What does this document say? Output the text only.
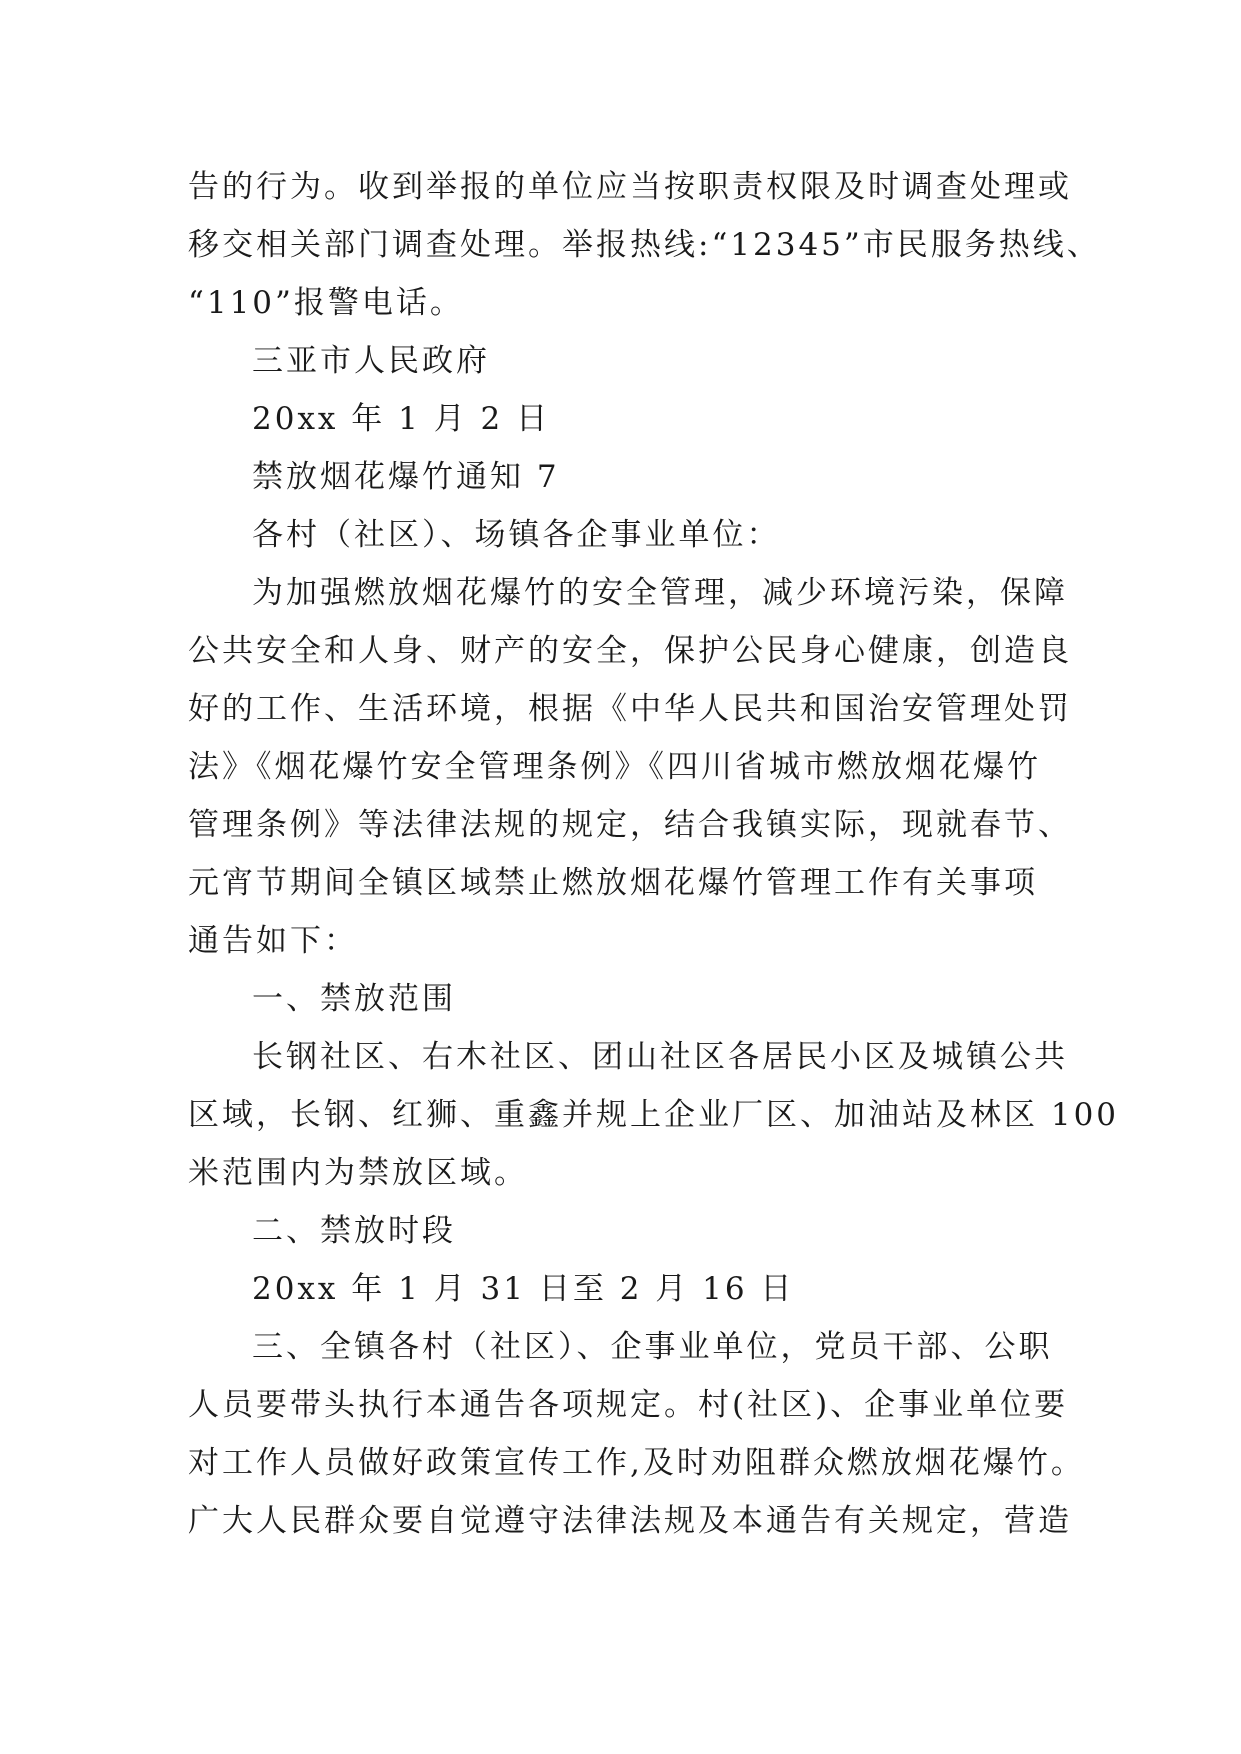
告的行为。收到举报的单位应当按职责权限及时调查处理或
移交相关部门调查处理。举报热线:“12345”市民服务热线、
“110”报警电话。
三亚市人民政府
20xx 年 1 月 2 日
禁放烟花爆竹通知 7
各村（社区）、场镇各企事业单位：
为加强燃放烟花爆竹的安全管理，减少环境污染，保障
公共安全和人身、财产的安全，保护公民身心健康，创造良
好的工作、生活环境，根据《中华人民共和国治安管理处罚
法》《烟花爆竹安全管理条例》《四川省城市燃放烟花爆竹
管理条例》等法律法规的规定，结合我镇实际，现就春节、
元宵节期间全镇区域禁止燃放烟花爆竹管理工作有关事项
通告如下：
一、禁放范围
长钢社区、右木社区、团山社区各居民小区及城镇公共
区域，长钢、红狮、重鑫并规上企业厂区、加油站及林区 100
米范围内为禁放区域。
二、禁放时段
20xx 年 1 月 31 日至 2 月 16 日
三、全镇各村（社区）、企事业单位，党员干部、公职
人员要带头执行本通告各项规定。村(社区)、企事业单位要
对工作人员做好政策宣传工作,及时劝阻群众燃放烟花爆竹。
广大人民群众要自觉遵守法律法规及本通告有关规定，营造
